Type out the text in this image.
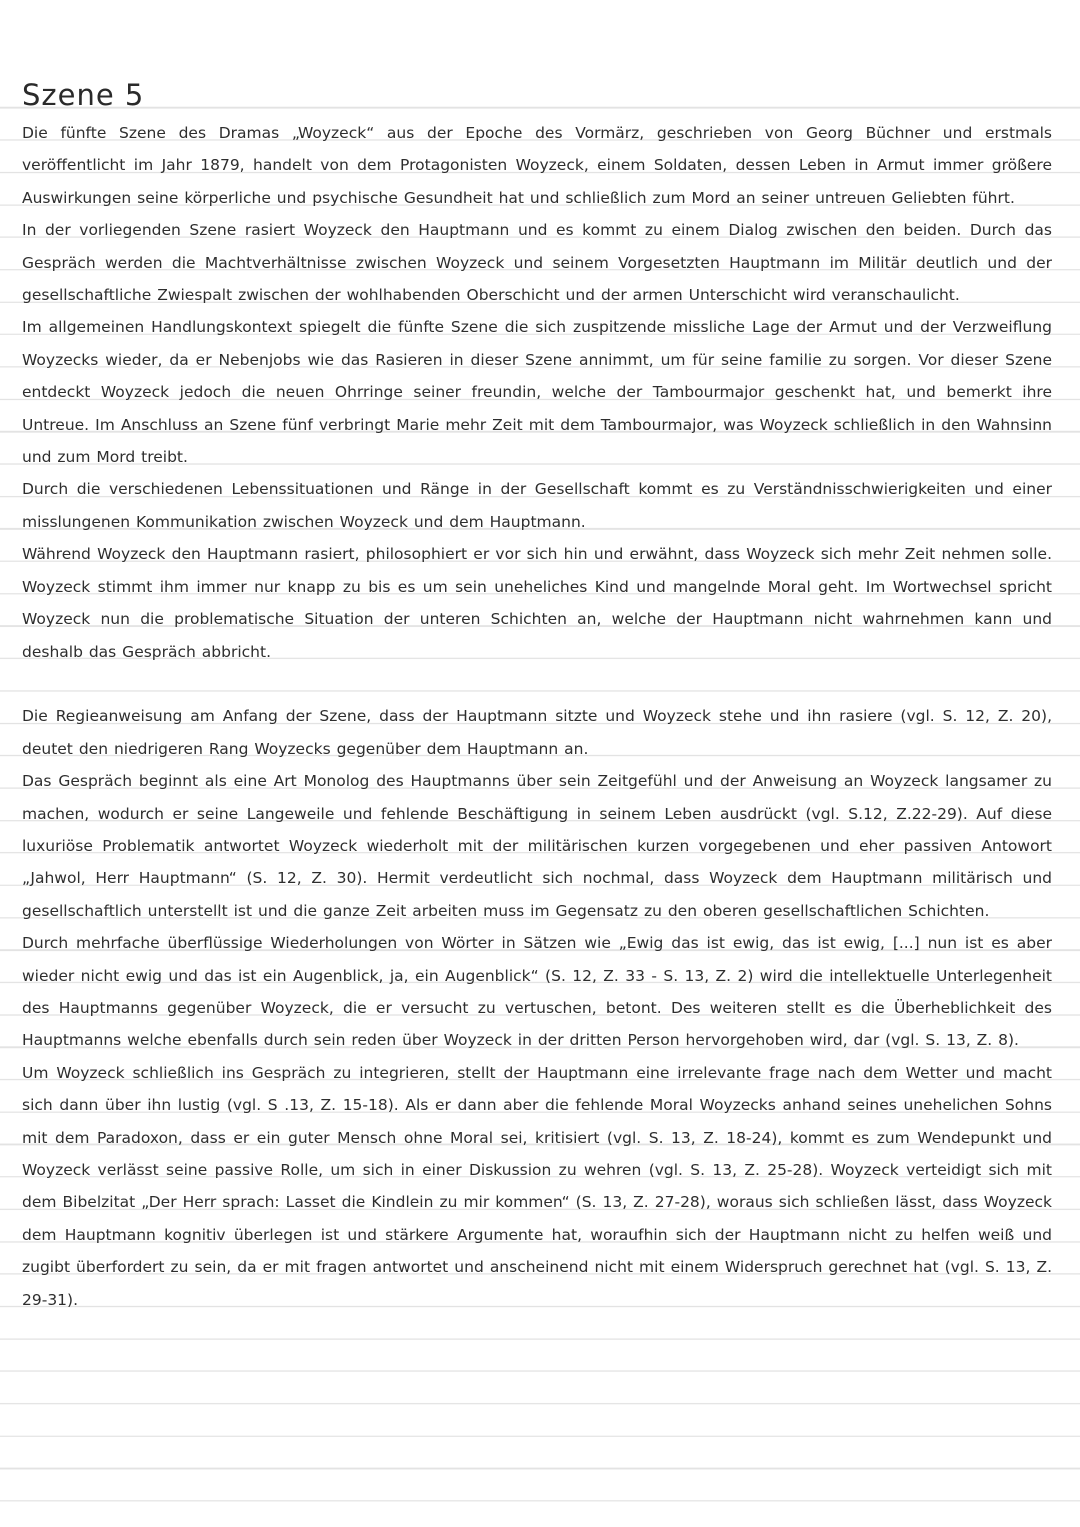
Szene 5

Die fünfte Szene des Dramas „Woyzeck“ aus der Epoche des Vormärz, geschrieben von Georg Büchner und erstmals veröffentlicht im Jahr 1879, handelt von dem Protagonisten Woyzeck, einem Soldaten, dessen Leben in Armut immer größere Auswirkungen seine körperliche und psychische Gesundheit hat und schließlich zum Mord an seiner untreuen Geliebten führt.

In der vorliegenden Szene rasiert Woyzeck den Hauptmann und es kommt zu einem Dialog zwischen den beiden. Durch das Gespräch werden die Machtverhältnisse zwischen Woyzeck und seinem Vorgesetzten Hauptmann im Militär deutlich und der gesellschaftliche Zwiespalt zwischen der wohlhabenden Oberschicht und der armen Unterschicht wird veranschaulicht.

Im allgemeinen Handlungskontext spiegelt die fünfte Szene die sich zuspitzende missliche Lage der Armut und der Verzweiflung Woyzecks wieder, da er Nebenjobs wie das Rasieren in dieser Szene annimmt, um für seine familie zu sorgen. Vor dieser Szene entdeckt Woyzeck jedoch die neuen Ohrringe seiner freundin, welche der Tambourmajor geschenkt hat, und bemerkt ihre Untreue. Im Anschluss an Szene fünf verbringt Marie mehr Zeit mit dem Tambourmajor, was Woyzeck schließlich in den Wahnsinn und zum Mord treibt.

Durch die verschiedenen Lebenssituationen und Ränge in der Gesellschaft kommt es zu Verständnisschwierigkeiten und einer misslungenen Kommunikation zwischen Woyzeck und dem Hauptmann.

Während Woyzeck den Hauptmann rasiert, philosophiert er vor sich hin und erwähnt, dass Woyzeck sich mehr Zeit nehmen solle. Woyzeck stimmt ihm immer nur knapp zu bis es um sein uneheliches Kind und mangelnde Moral geht. Im Wortwechsel spricht Woyzeck nun die problematische Situation der unteren Schichten an, welche der Hauptmann nicht wahrnehmen kann und deshalb das Gespräch abbricht.

Die Regieanweisung am Anfang der Szene, dass der Hauptmann sitzte und Woyzeck stehe und ihn rasiere (vgl. S. 12, Z. 20), deutet den niedrigeren Rang Woyzecks gegenüber dem Hauptmann an.

Das Gespräch beginnt als eine Art Monolog des Hauptmanns über sein Zeitgefühl und der Anweisung an Woyzeck langsamer zu machen, wodurch er seine Langeweile und fehlende Beschäftigung in seinem Leben ausdrückt (vgl. S.12, Z.22-29). Auf diese luxuriöse Problematik antwortet Woyzeck wiederholt mit der militärischen kurzen vorgegebenen und eher passiven Antowort „Jahwol, Herr Hauptmann“ (S. 12, Z. 30). Hermit verdeutlicht sich nochmal, dass Woyzeck dem Hauptmann militärisch und gesellschaftlich unterstellt ist und die ganze Zeit arbeiten muss im Gegensatz zu den oberen gesellschaftlichen Schichten.

Durch mehrfache überflüssige Wiederholungen von Wörter in Sätzen wie „Ewig das ist ewig, das ist ewig, [...] nun ist es aber wieder nicht ewig und das ist ein Augenblick, ja, ein Augenblick“ (S. 12, Z. 33 - S. 13, Z. 2) wird die intellektuelle Unterlegenheit des Hauptmanns gegenüber Woyzeck, die er versucht zu vertuschen, betont. Des weiteren stellt es die Überheblichkeit des Hauptmanns welche ebenfalls durch sein reden über Woyzeck in der dritten Person hervorgehoben wird, dar (vgl. S. 13, Z. 8).

Um Woyzeck schließlich ins Gespräch zu integrieren, stellt der Hauptmann eine irrelevante frage nach dem Wetter und macht sich dann über ihn lustig (vgl. S .13, Z. 15-18). Als er dann aber die fehlende Moral Woyzecks anhand seines unehelichen Sohns mit dem Paradoxon, dass er ein guter Mensch ohne Moral sei, kritisiert (vgl. S. 13, Z. 18-24), kommt es zum Wendepunkt und Woyzeck verlässt seine passive Rolle, um sich in einer Diskussion zu wehren (vgl. S. 13, Z. 25-28). Woyzeck verteidigt sich mit dem Bibelzitat „Der Herr sprach: Lasset die Kindlein zu mir kommen“ (S. 13, Z. 27-28), woraus sich schließen lässt, dass Woyzeck dem Hauptmann kognitiv überlegen ist und stärkere Argumente hat, woraufhin sich der Hauptmann nicht zu helfen weiß und zugibt überfordert zu sein, da er mit fragen antwortet und anscheinend nicht mit einem Widerspruch gerechnet hat (vgl. S. 13, Z. 29-31).
